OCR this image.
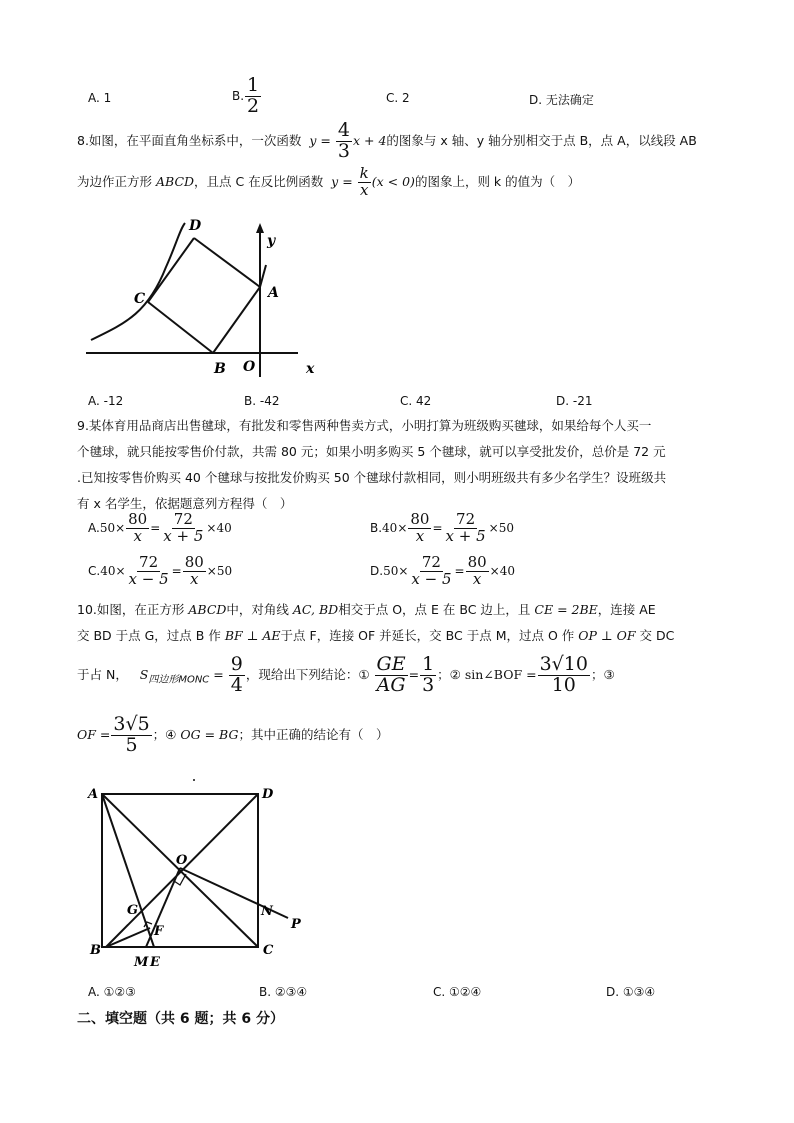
A. 1	B. $\frac{1}{2}$	C. 2	D. 无法确定
8.如图，在平面直角坐标系中，一次函数 $y = \frac{4}{3}$ x + 4的图象与 x 轴、y 轴分别相交于点 B，点 A，以线段 AB
为边作正方形 ABCD，且点 C 在反比例函数 $y = \frac{k}{x} (x < 0)$的图象上，则 k 的值为（　）
D
C	A
B O	x
y
A. -12	B. -42	C. 42	D. -21
9.某体育用品商店出售毽球，有批发和零售两种售卖方式，小明打算为班级购买毽球，如果给每个人买一
个毽球，就只能按零售价付款，共需 80 元；如果小明多购买 5 个毽球，就可以享受批发价，总价是 72 元
.已知按零售价购买 40 个毽球与按批发价购买 50 个毽球付款相同，则小明班级共有多少名学生？设班级共
有 x 名学生，依据题意列方程得（　）
$A.50\times \frac{80}{x} = \frac{72}{x + 5} \times 40$	$B.40\times \frac{80}{x} = \frac{72}{x + 5} \times 50$
$C.40\times \frac{72}{x - 5} = \frac{80}{x} \times 50$	$D.50\times \frac{72}{x - 5} = \frac{80}{x} \times 40$
10.如图，在正方形 ABCD中，对角线 AC, BD相交于点 O，点 E 在 BC 边上，且 CE = 2BE，连接 AE
交 BD 于点 G，过点 B 作 BF ⊥ AE于点 F，连接 OF 并延长，交 BC 于点 M，过点 O 作 OP ⊥ OF 交 DC
于占 N， $S_{四边形MONC} = \frac{9}{4}$ ，现给出下列结论：① $\frac{GE}{AG} = \frac{1}{3}$ ；② sin∠BOF = $\frac{3√10}{10}$ ；③
OF = $\frac{3√5}{5}$ ；④ OG = BG；其中正确的结论有（　）
A	D
O
G
F
N
P
B	C
M E
A. ①②③	B. ②③④	C. ①②④	D. ①③④
二、填空题（共 6 题；共 6 分）
